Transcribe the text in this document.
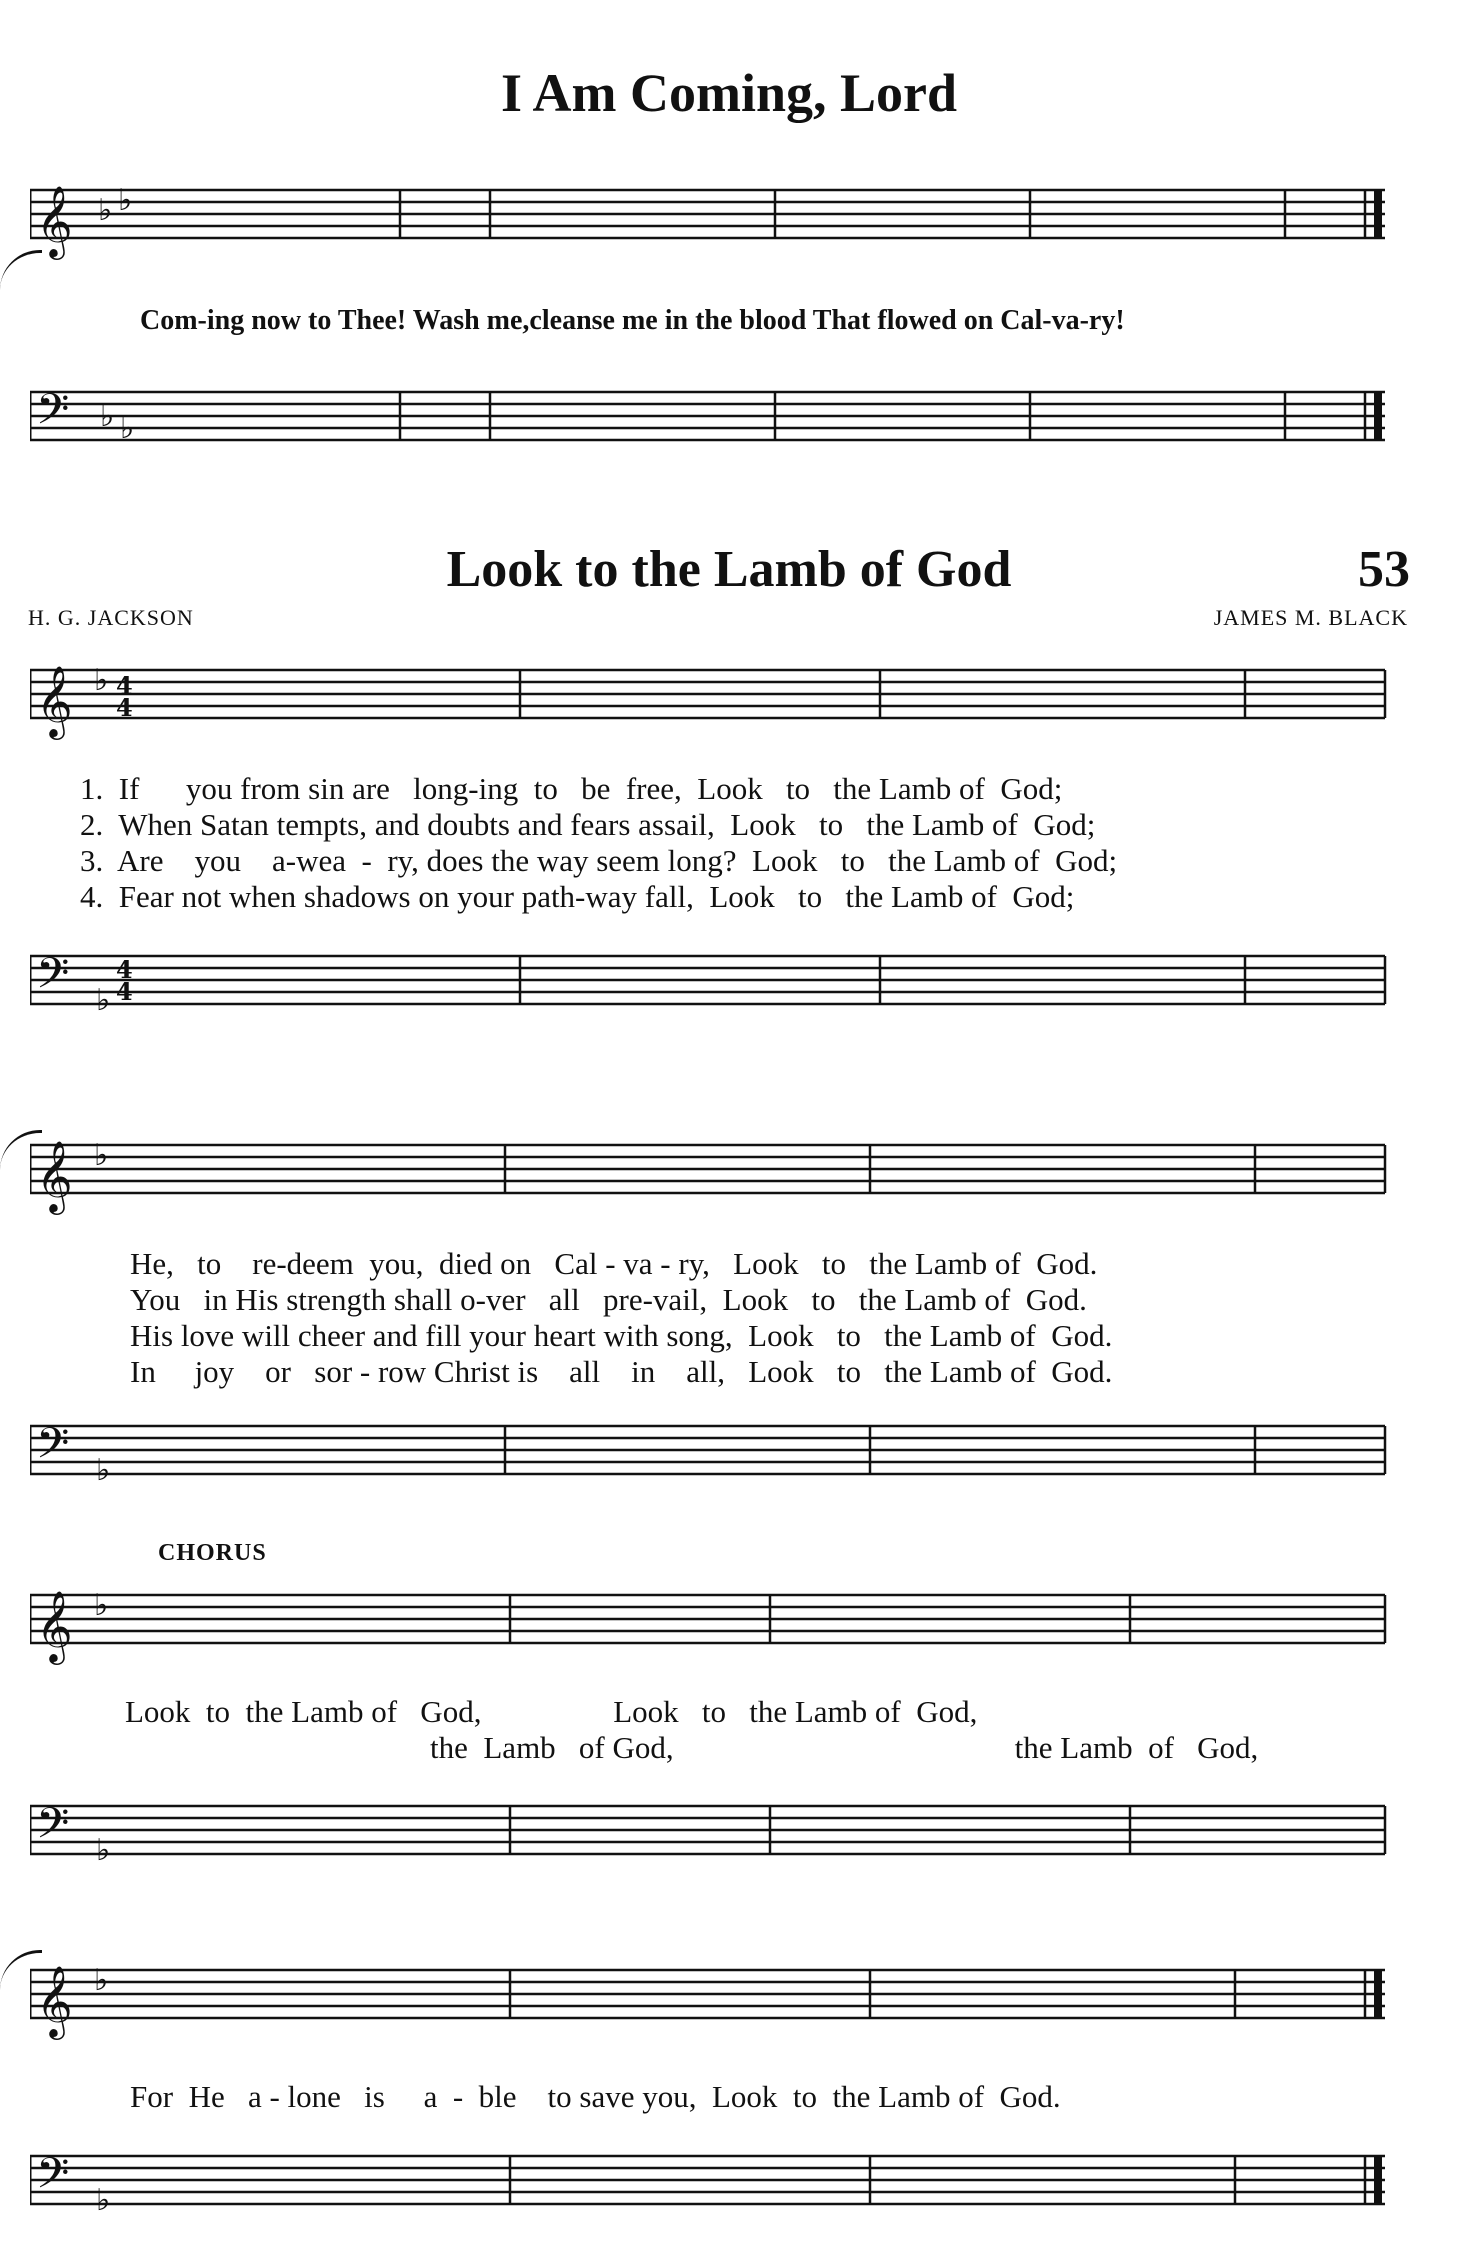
I Am Coming, Lord
𝄞 ♭ ♭
Com-ing now to Thee! Wash me,cleanse me in the blood That flowed on Cal-va-ry!
𝄢 ♭ ♭
Look to the Lamb of God	53
H. G. JACKSON	JAMES M. BLACK
𝄞 ♭ 4
4
1.  If      you from sin are   long-ing  to   be  free,  Look   to   the Lamb of  God;
2.  When Satan tempts, and doubts and fears assail,  Look   to   the Lamb of  God;
3.  Are    you    a-wea  -  ry, does the way seem long?  Look   to   the Lamb of  God;
4.  Fear not when shadows on your path-way fall,  Look   to   the Lamb of  God;
𝄢 ♭
4
4
𝄞 ♭
He,   to    re-deem  you,  died on   Cal - va - ry,   Look   to   the Lamb of  God.
You   in His strength shall o-ver   all   pre-vail,  Look   to   the Lamb of  God.
His love will cheer and fill your heart with song,  Look   to   the Lamb of  God.
In     joy    or   sor - row Christ is    all    in    all,   Look   to   the Lamb of  God.
𝄢 ♭
CHORUS
𝄞 ♭
Look  to  the Lamb of   God,                 Look   to   the Lamb of  God,
the  Lamb   of God,                                            the Lamb  of   God,
𝄢 ♭
𝄞 ♭
For  He   a - lone   is     a  -  ble    to save you,  Look  to  the Lamb of  God.
𝄢 ♭
